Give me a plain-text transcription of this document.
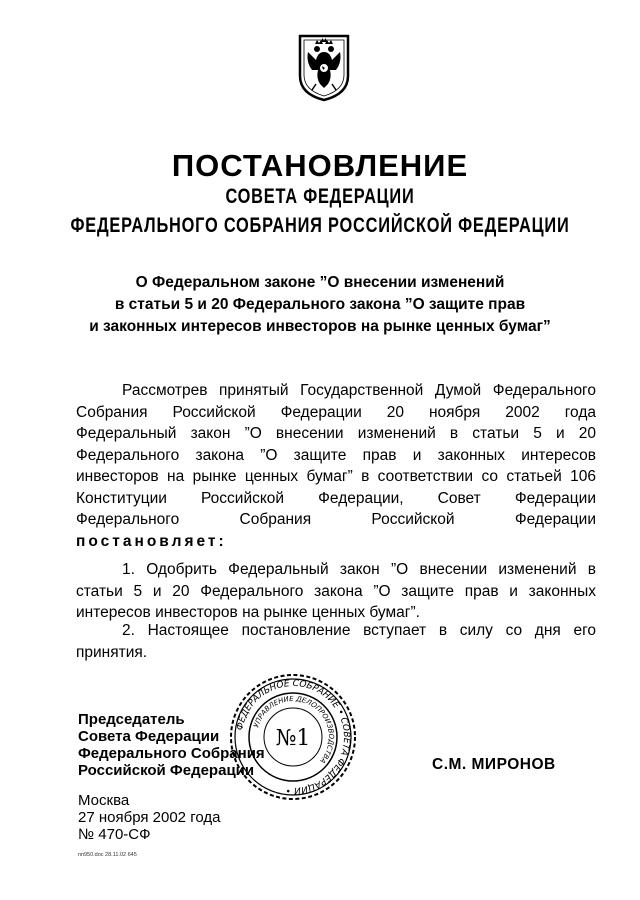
ПОСТАНОВЛЕНИЕ
СОВЕТА ФЕДЕРАЦИИ
ФЕДЕРАЛЬНОГО СОБРАНИЯ РОССИЙСКОЙ ФЕДЕРАЦИИ
О Федеральном законе ”О внесении изменений
в статьи 5 и 20 Федерального закона ”О защите прав
и законных интересов инвесторов на рынке ценных бумаг”
Рассмотрев принятый Государственной Думой Федерального
Собрания Российской Федерации 20 ноября 2002 года
Федеральный закон ”О внесении изменений в статьи 5 и 20
Федерального закона ”О защите прав и законных интересов
инвесторов на рынке ценных бумаг” в соответствии со статьей 106
Конституции Российской Федерации, Совет Федерации
Федерального Собрания Российской Федерации
постановляет:
1. Одобрить Федеральный закон ”О внесении изменений в
статьи 5 и 20 Федерального закона ”О защите прав и законных
интересов инвесторов на рынке ценных бумаг”.
2. Настоящее постановление вступает в силу со дня его
принятия.
Председатель
Совета Федерации
Федерального Собрания
Российской Федерации
ФЕДЕРАЛЬНОЕ СОБРАНИЕ • СОВЕТА ФЕДЕРАЦИИ •
УПРАВЛЕНИЕ ДЕЛОПРОИЗВОДСТВА
№1
С.М. МИРОНОВ
Москва
27 ноября 2002 года
№ 470-СФ
пп950.doc 28.11.02 645
